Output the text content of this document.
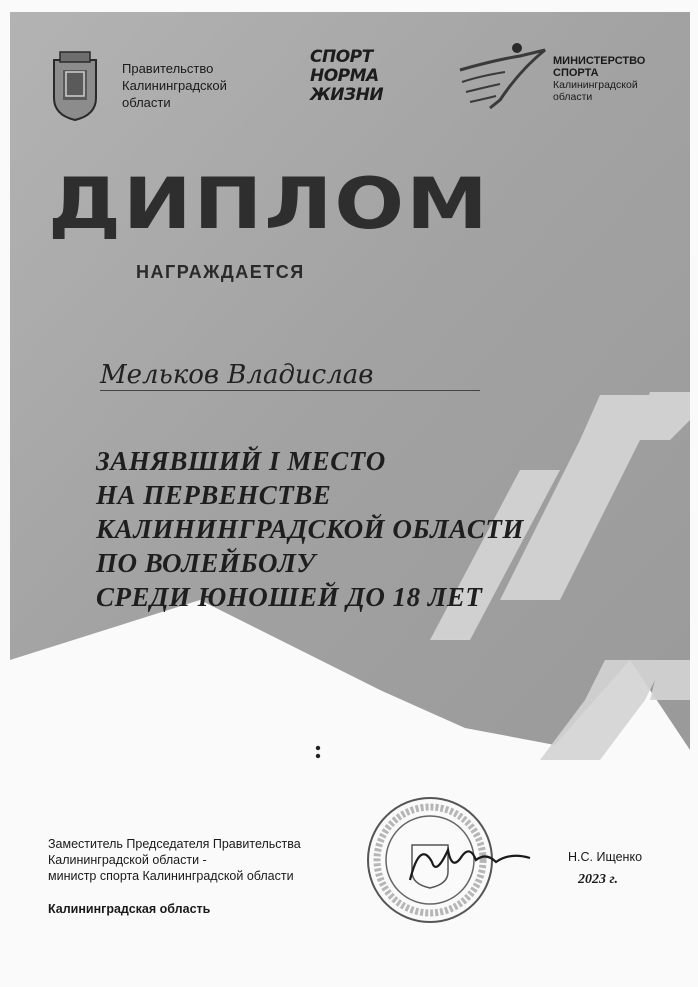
Правительство
Калининградской
области
СПОРТ
НОРМА
ЖИЗНИ
МИНИСТЕРСТВО
СПОРТА
Калининградской
области
ДИПЛОМ
НАГРАЖДАЕТСЯ
Мельков Владислав
ЗАНЯВШИЙ I МЕСТО
НА ПЕРВЕНСТВЕ
КАЛИНИНГРАДСКОЙ ОБЛАСТИ
ПО ВОЛЕЙБОЛУ
СРЕДИ ЮНОШЕЙ ДО 18 ЛЕТ
Заместитель Председателя Правительства
Калининградской области -
министр спорта Калининградской области
Калининградская область
Н.С. Ищенко
2023 г.
